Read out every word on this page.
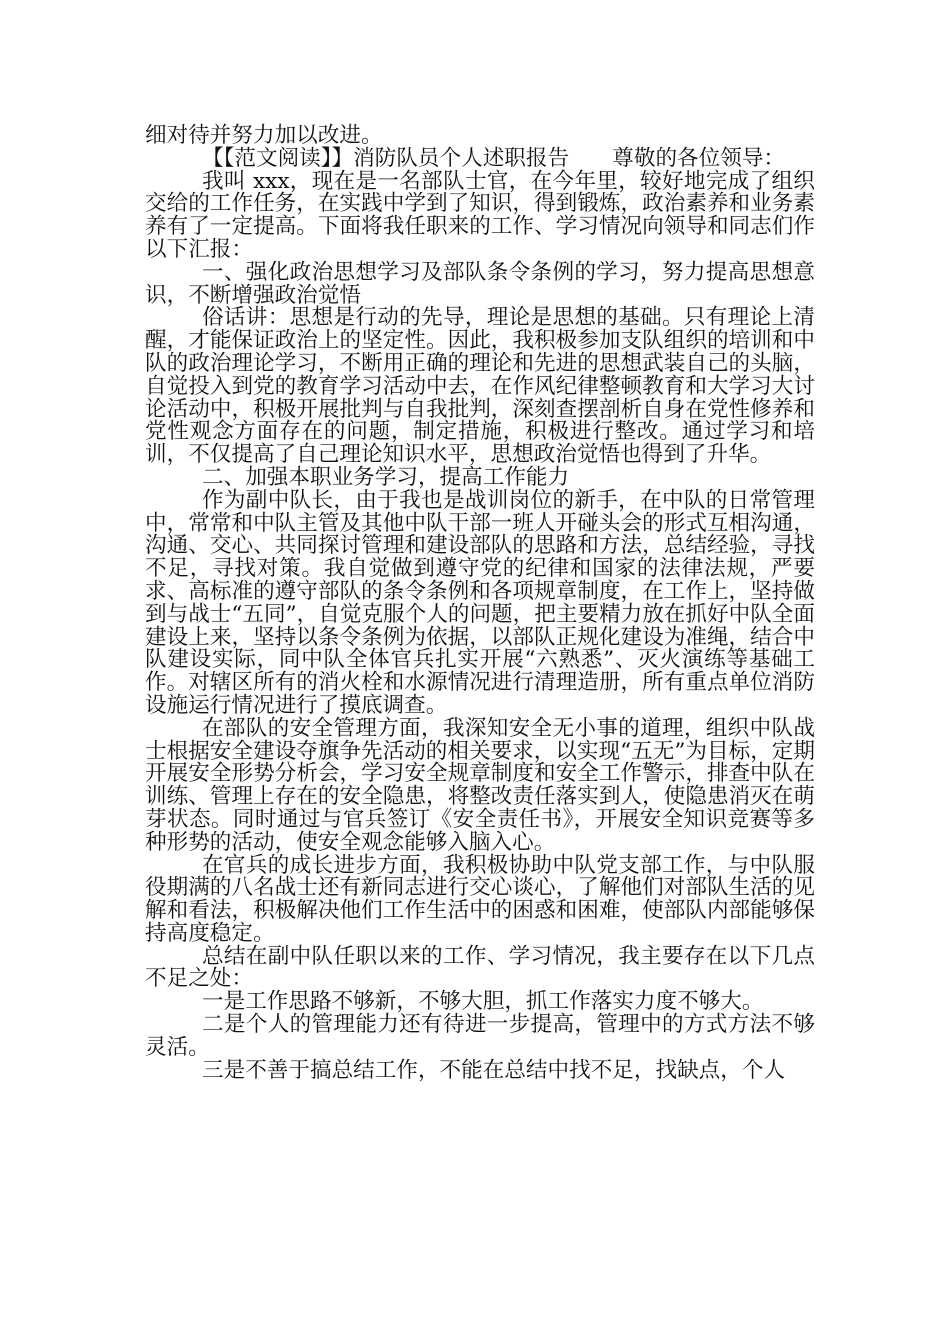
细对待并努力加以改进。

【【范文阅读】】消防队员个人述职报告　　尊敬的各位领导：

我叫 xxx，现在是一名部队士官，在今年里，较好地完成了组织交给的工作任务，在实践中学到了知识，得到锻炼，政治素养和业务素养有了一定提高。下面将我任职来的工作、学习情况向领导和同志们作以下汇报：

一、强化政治思想学习及部队条令条例的学习，努力提高思想意识，不断增强政治觉悟

俗话讲：思想是行动的先导，理论是思想的基础。只有理论上清醒，才能保证政治上的坚定性。因此，我积极参加支队组织的培训和中队的政治理论学习，不断用正确的理论和先进的思想武装自己的头脑，自觉投入到党的教育学习活动中去，在作风纪律整顿教育和大学习大讨论活动中，积极开展批判与自我批判，深刻查摆剖析自身在党性修养和党性观念方面存在的问题，制定措施，积极进行整改。通过学习和培训，不仅提高了自己理论知识水平，思想政治觉悟也得到了升华。

二、加强本职业务学习，提高工作能力

作为副中队长，由于我也是战训岗位的新手，在中队的日常管理中，常常和中队主管及其他中队干部一班人开碰头会的形式互相沟通，沟通、交心、共同探讨管理和建设部队的思路和方法，总结经验，寻找不足，寻找对策。我自觉做到遵守党的纪律和国家的法律法规，严要求、高标准的遵守部队的条令条例和各项规章制度，在工作上，坚持做到与战士“五同”，自觉克服个人的问题，把主要精力放在抓好中队全面建设上来，坚持以条令条例为依据，以部队正规化建设为准绳，结合中队建设实际，同中队全体官兵扎实开展“六熟悉”、灭火演练等基础工作。对辖区所有的消火栓和水源情况进行清理造册，所有重点单位消防设施运行情况进行了摸底调查。

在部队的安全管理方面，我深知安全无小事的道理，组织中队战士根据安全建设夺旗争先活动的相关要求，以实现“五无”为目标，定期开展安全形势分析会，学习安全规章制度和安全工作警示，排查中队在训练、管理上存在的安全隐患，将整改责任落实到人，使隐患消灭在萌芽状态。同时通过与官兵签订《安全责任书》，开展安全知识竞赛等多种形势的活动，使安全观念能够入脑入心。

在官兵的成长进步方面，我积极协助中队党支部工作，与中队服役期满的八名战士还有新同志进行交心谈心，了解他们对部队生活的见解和看法，积极解决他们工作生活中的困惑和困难，使部队内部能够保持高度稳定。

总结在副中队任职以来的工作、学习情况，我主要存在以下几点不足之处：

一是工作思路不够新，不够大胆，抓工作落实力度不够大。

二是个人的管理能力还有待进一步提高，管理中的方式方法不够灵活。

三是不善于搞总结工作，不能在总结中找不足，找缺点，个人
